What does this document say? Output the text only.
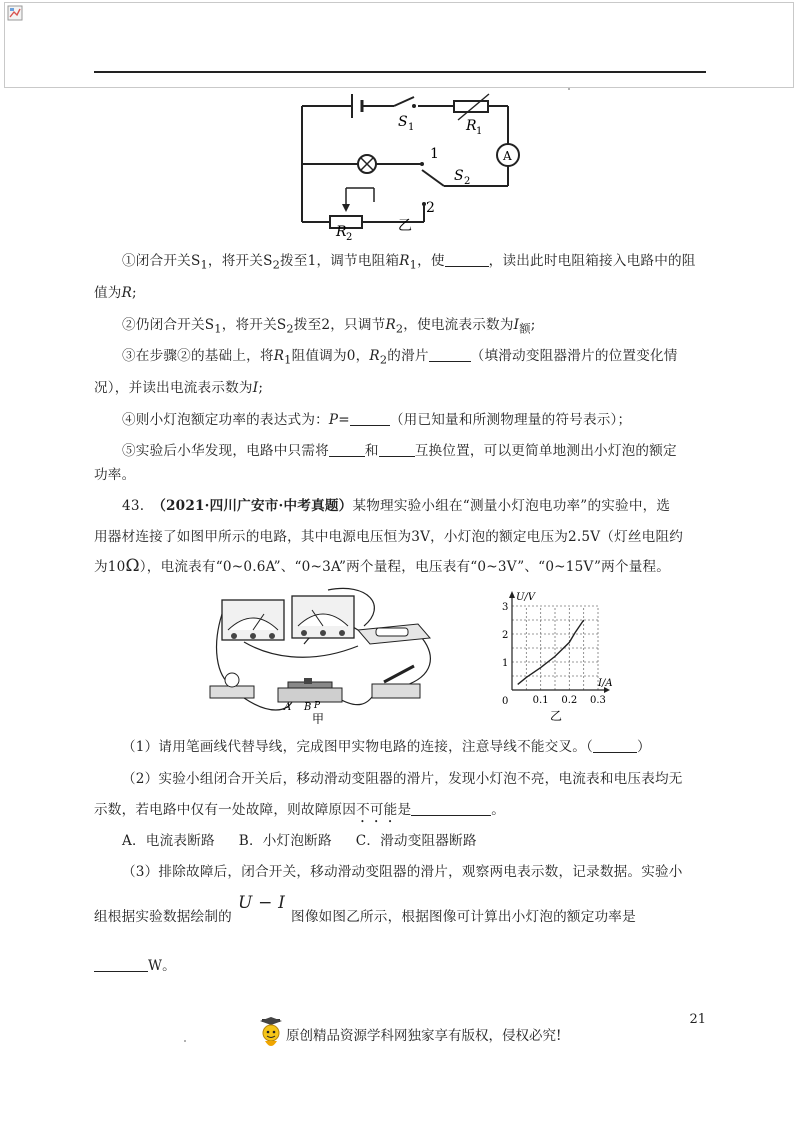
S 1	R 1
A
S 2
1
2
R 2
乙
①闭合开关$S_1$，将开关$S_2$拨至1，调节电阻箱$R_1$，使	，读出此时电阻箱接入电路中的阻
值为R;
②仍闭合开关$S_1$，将开关$S_2$拨至2，只调节$R_2$，使电流表示数为$I_额$;
③在步骤②的基础上，将$R_1$阻值调为0，$R_2$的滑片	（填滑动变阻器滑片的位置变化情
况），并读出电流表示数为I;
④则小灯泡额定功率的表达式为：P=	（用已知量和所测物理量的符号表示）；
⑤实验后小华发现，电路中只需将	和	互换位置，可以更简单地测出小灯泡的额定
功率。
43. （2021·四川广安市·中考真题）某物理实验小组在“测量小灯泡电功率”的实验中，选
用器材连接了如图甲所示的电路，其中电源电压恒为3V，小灯泡的额定电压为2.5V（灯丝电阻约
为10Ω），电流表有“0~0.6A”、“0~3A”两个量程，电压表有“0~3V”、“0~15V”两个量程。
A B P
甲
U/V
I/A
0 0.1 0.2 0.3
1
2
3
乙
（1）请用笔画线代替导线，完成图甲实物电路的连接，注意导线不能交叉。（	）
（2）实验小组闭合开关后，移动滑动变阻器的滑片，发现小灯泡不亮，电流表和电压表均无
示数，若电路中仅有一处故障，则故障原因不可能是	。
A．电流表断路 B．小灯泡断路 C．滑动变阻器断路
（3）排除故障后，闭合开关，移动滑动变阻器的滑片，观察两电表示数，记录数据。实验小
组根据实验数据绘制的U − I图像如图乙所示，根据图像可计算出小灯泡的额定功率是
W。
21
原创精品资源学科网独家享有版权，侵权必究!
